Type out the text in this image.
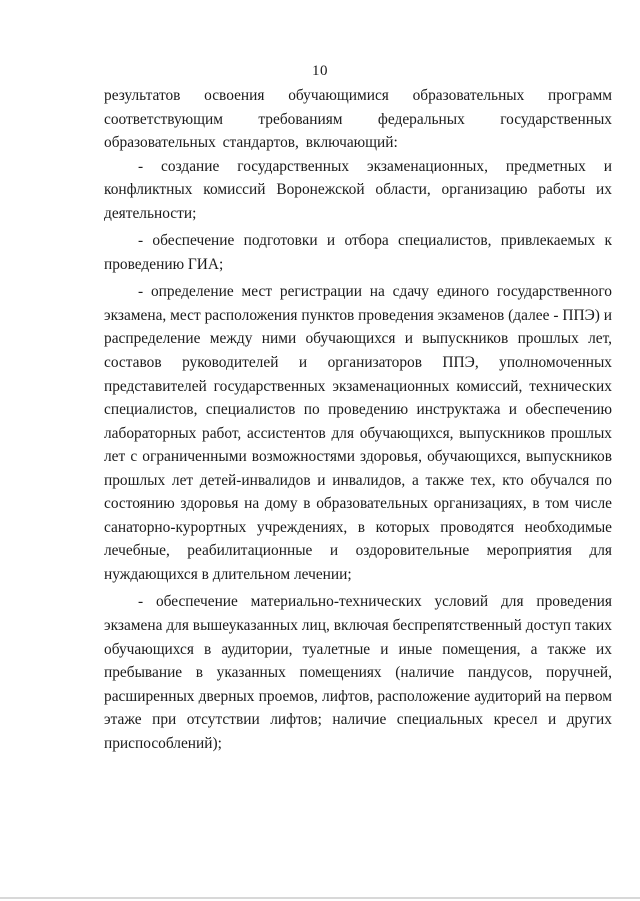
10

результатов освоения обучающимися образовательных программ соответствующим требованиям федеральных государственных образовательных стандартов, включающий:

- создание государственных экзаменационных, предметных и конфликтных комиссий Воронежской области, организацию работы их деятельности;

- обеспечение подготовки и отбора специалистов, привлекаемых к проведению ГИА;

- определение мест регистрации на сдачу единого государственного экзамена, мест расположения пунктов проведения экзаменов (далее - ППЭ) и распределение между ними обучающихся и выпускников прошлых лет, составов руководителей и организаторов ППЭ, уполномоченных представителей государственных экзаменационных комиссий, технических специалистов, специалистов по проведению инструктажа и обеспечению лабораторных работ, ассистентов для обучающихся, выпускников прошлых лет с ограниченными возможностями здоровья, обучающихся, выпускников прошлых лет детей-инвалидов и инвалидов, а также тех, кто обучался по состоянию здоровья на дому в образовательных организациях, в том числе санаторно-курортных учреждениях, в которых проводятся необходимые лечебные, реабилитационные и оздоровительные мероприятия для нуждающихся в длительном лечении;

- обеспечение материально-технических условий для проведения экзамена для вышеуказанных лиц, включая беспрепятственный доступ таких обучающихся в аудитории, туалетные и иные помещения, а также их пребывание в указанных помещениях (наличие пандусов, поручней, расширенных дверных проемов, лифтов, расположение аудиторий на первом этаже при отсутствии лифтов; наличие специальных кресел и других приспособлений);
